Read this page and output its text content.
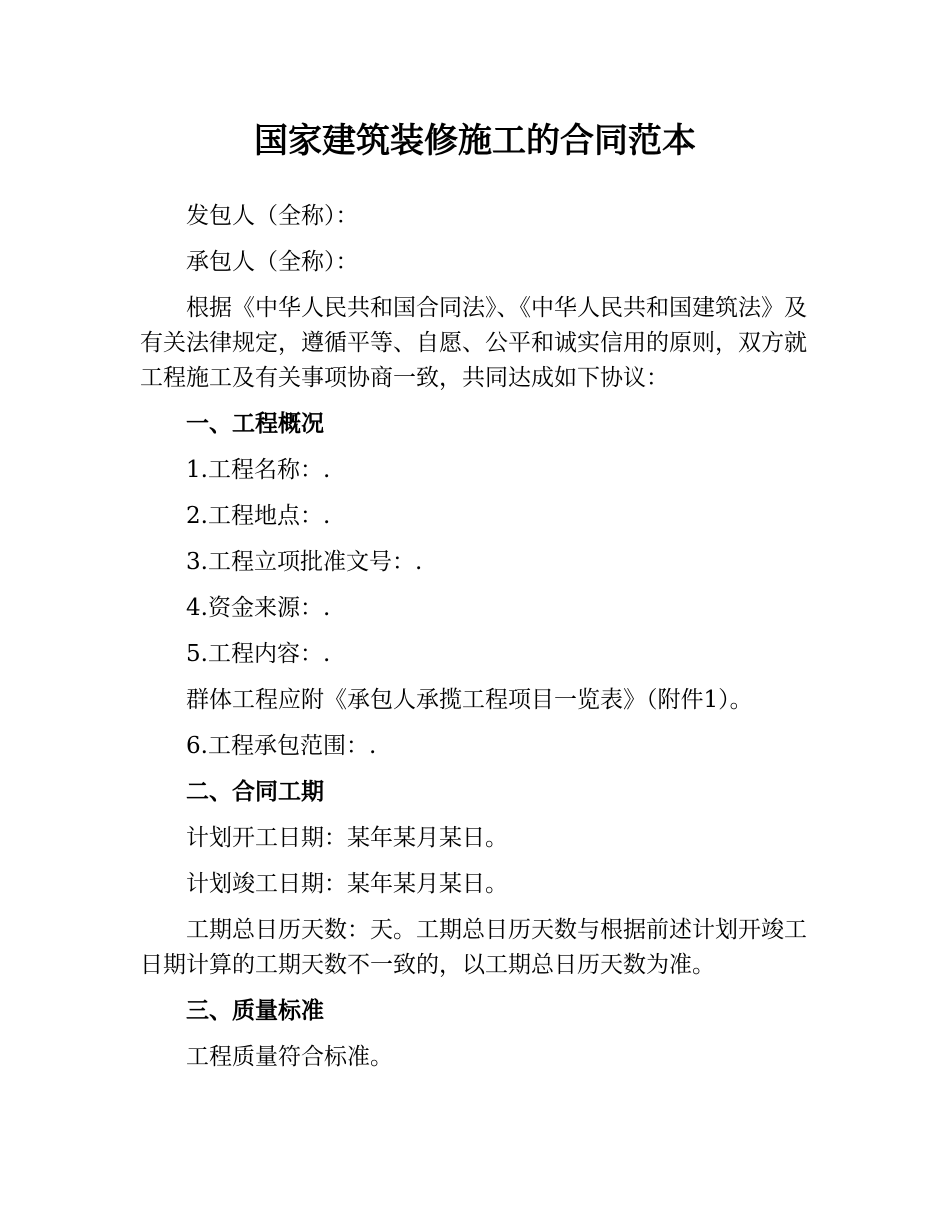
国家建筑装修施工的合同范本

发包人（全称）：

承包人（全称）：

根据《中华人民共和国合同法》、《中华人民共和国建筑法》及有关法律规定，遵循平等、自愿、公平和诚实信用的原则，双方就工程施工及有关事项协商一致，共同达成如下协议：

一、工程概况

1.工程名称：.

2.工程地点：.

3.工程立项批准文号：.

4.资金来源：.

5.工程内容：.

群体工程应附《承包人承揽工程项目一览表》（附件1）。

6.工程承包范围：.

二、合同工期

计划开工日期：某年某月某日。

计划竣工日期：某年某月某日。

工期总日历天数：天。工期总日历天数与根据前述计划开竣工日期计算的工期天数不一致的，以工期总日历天数为准。

三、质量标准

工程质量符合标准。
